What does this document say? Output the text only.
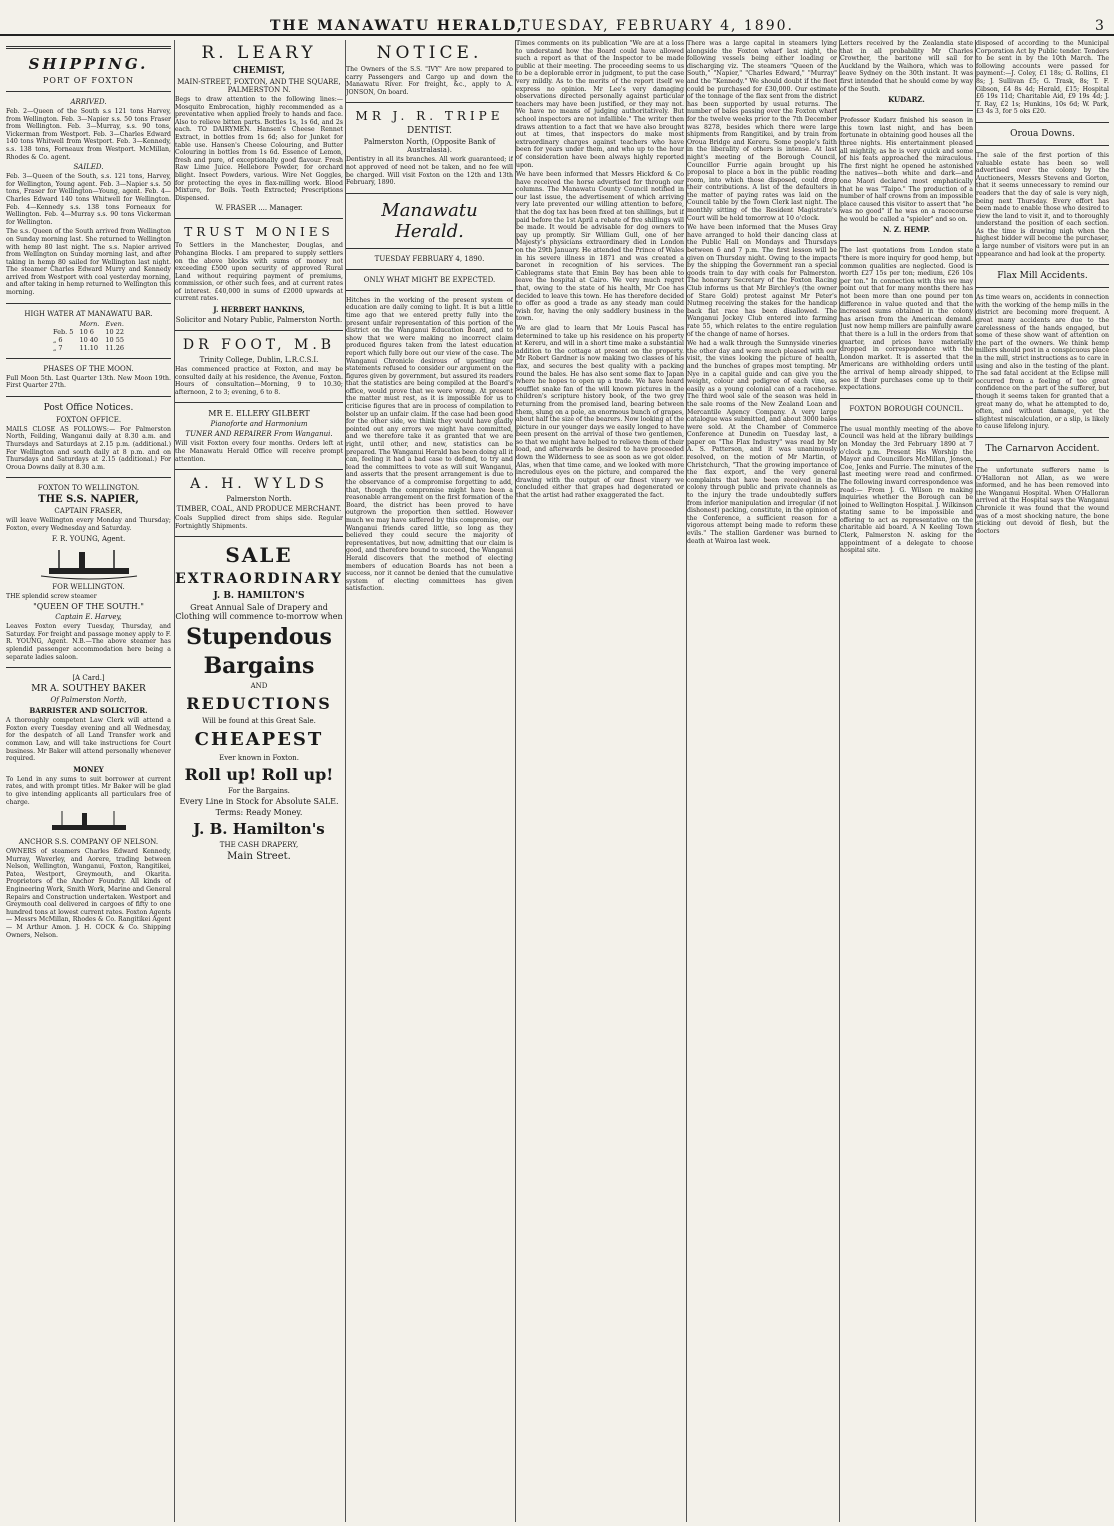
THE MANAWATU HERALD,
TUESDAY, FEBRUARY 4, 1890.	3
SHIPPING.
PORT OF FOXTON
ARRIVED.

Feb. 2—Queen of the South s.s 121 tons Harvey, from Wellington. Feb. 3—Napier s.s. 50 tons Fraser from Wellington. Feb. 3—Murray, s.s. 90 tons, Vickerman from Westport. Feb. 3—Charles Edward 140 tons Whitwell from Westport. Feb. 3—Kennedy, s.s. 138 tons, Forneaux from Westport. McMillan, Rhodes & Co. agent.

SAILED.

Feb. 3—Queen of the South, s.s. 121 tons, Harvey, for Wellington, Young agent. Feb. 3—Napier s.s. 50 tons, Fraser for Wellington—Young, agent. Feb. 4—Charles Edward 140 tons Whitwell for Wellington. Feb. 4—Kennedy s.s. 138 tons Forneaux for Wellington. Feb. 4—Murray s.s. 90 tons Vickerman for Wellington.

The s.s. Queen of the South arrived from Wellington on Sunday morning last. She returned to Wellington with hemp 80 last night. The s.s. Napier arrived from Wellington on Sunday morning last, and after taking in hemp 80 sailed for Wellington last night. The steamer Charles Edward Murry and Kennedy arrived from Westport with coal yesterday morning, and after taking in hemp returned to Wellington this morning.

HIGH WATER AT MANAWATU BAR.
	Morn.	Even.
Feb. 5	10 6	10 22
„ 6	10 40	10 55
„ 7	11.10	11.26
PHASES OF THE MOON.

Full Moon 5th. Last Quarter 13th. New Moon 19th. First Quarter 27th.

Post Office Notices.
FOXTON OFFICE.

MAILS CLOSE AS FOLLOWS:— For Palmerston North, Feilding, Wanganui daily at 8.30 a.m. and Thursdays and Saturdays at 2.15 p.m. (additional.) For Wellington and south daily at 8 p.m. and on Thursdays and Saturdays at 2.15 (additional.) For Oroua Downs daily at 8.30 a.m.

FOXTON TO WELLINGTON.
THE S.S. NAPIER,
CAPTAIN FRASER,

will leave Wellington every Monday and Thursday; Foxton, every Wednesday and Saturday.

F. R. YOUNG, Agent.
FOR WELLINGTON.

THE splendid screw steamer

"QUEEN OF THE SOUTH."
Captain E. Harvey,

Leaves Foxton every Tuesday, Thursday, and Saturday. For freight and passage money apply to F. R. YOUNG, Agent. N.B.—The above steamer has splendid passenger accommodation here being a separate ladies saloon.

[A Card.]
MR A. SOUTHEY BAKER
Of Palmerston North,
BARRISTER AND SOLICITOR.

A thoroughly competent Law Clerk will attend a Foxton every Tuesday evening and all Wednesday, for the despatch of all Land Transfer work and common Law, and will take instructions for Court business. Mr Baker will attend personally whenever required.

MONEY

To Lend in any sums to suit borrower at current rates, and with prompt titles. Mr Baker will be glad to give intending applicants all particulars free of charge.

ANCHOR S.S. COMPANY OF NELSON.

OWNERS of steamers Charles Edward Kennedy, Murray, Waverley, and Aorere, trading between Nelson, Wellington, Wanganui, Foxton, Rangitikei, Patea, Westport, Greymouth, and Okarita. Proprietors of the Anchor Foundry. All kinds of Engineering Work, Smith Work, Marine and General Repairs and Construction undertaken. Westport and Greymouth coal delivered in cargoes of fifty to one hundred tons at lowest current rates. Foxton Agents— Messrs McMillan, Rhodes & Co. Rangitikei Agent— M Arthur Amon. J. H. COCK & Co. Shipping Owners, Nelson.

R. LEARY
CHEMIST,
MAIN-STREET, FOXTON, AND THE SQUARE, PALMERSTON N.

Begs to draw attention to the following lines:— Mosquito Embrocation, highly recommended as a preventative when applied freely to hands and face. Also to relieve bitten parts. Bottles 1s, 1s 6d, and 2s each. TO DAIRYMEN. Hansen's Cheese Rennet Extract, in bottles from 1s 6d; also for Junket for table use. Hansen's Cheese Colouring, and Butter Colouring in bottles from 1s 6d. Essence of Lemon, fresh and pure, of exceptionally good flavour. Fresh Raw Lime Juice. Hellebore Powder, for orchard blight. Insect Powders, various. Wire Net Goggles, for protecting the eyes in flax-milling work. Blood Mixture, for Boils. Teeth Extracted; Prescriptions Dispensed.

W. FRASER .... Manager.
TRUST MONIES

To Settlers in the Manchester, Douglas, and Pohangina Blocks. I am prepared to supply settlers on the above blocks with sums of money not exceeding £500 upon security of approved Rural Land without requiring payment of premiums, commission, or other such fees, and at current rates of interest. £40,000 in sums of £2000 upwards at current rates.

J. HERBERT HANKINS,
Solicitor and Notary Public, Palmerston North.
DR FOOT, M.B
Trinity College, Dublin, L.R.C.S.I.

Has commenced practice at Foxton, and may be consulted daily at his residence, the Avenue, Foxton. Hours of consultation—Morning, 9 to 10.30; afternoon, 2 to 3; evening, 6 to 8.

MR E. ELLERY GILBERT
Pianoforte and Harmonium
TUNER AND REPAIRER From Wanganui.

Will visit Foxton every four months. Orders left at the Manawatu Herald Office will receive prompt attention.

A. H. WYLDS
Palmerston North.
TIMBER, COAL, AND PRODUCE MERCHANT.

Coals Supplied direct from ships side. Regular Fortnightly Shipments.

SALE
EXTRAORDINARY
J. B. HAMILTON'S
Great Annual Sale of Drapery and Clothing will commence to-morrow when
Stupendous
Bargains
AND
REDUCTIONS
Will be found at this Great Sale.
CHEAPEST
Ever known in Foxton.
Roll up! Roll up!
For the Bargains.
Every Line in Stock for Absolute SALE.
Terms: Ready Money.
J. B. Hamilton's
THE CASH DRAPERY,
Main Street.
NOTICE.

The Owners of the S.S. "IVY" Are now prepared to carry Passengers and Cargo up and down the Manawatu River. For freight, &c., apply to A. JONSON, On board.

MR J. R. TRIPE
DENTIST.
Palmerston North, (Opposite Bank of Australasia).

Dentistry in all its branches. All work guaranteed; if not approved of need not be taken, and no fee will be charged. Will visit Foxton on the 12th and 13th February, 1890.

Manawatu Herald.
TUESDAY FEBRUARY 4, 1890.
ONLY WHAT MIGHT BE EXPECTED.

Hitches in the working of the present system of education are daily coming to light. It is but a little time ago that we entered pretty fully into the present unfair representation of this portion of the district on the Wanganui Education Board, and to show that we were making no incorrect claim produced figures taken from the latest education report which fully bore out our view of the case. The Wanganui Chronicle desirous of upsetting our statements refused to consider our argument on the figures given by government, but assured its readers that the statistics are being compiled at the Board's office, would prove that we were wrong. At present the matter must rest, as it is impossible for us to criticise figures that are in process of compilation to bolster up an unfair claim. If the case had been good for the other side, we think they would have gladly pointed out any errors we might have committed, and we therefore take it as granted that we are right, until other, and new, statistics can be prepared. The Wanganui Herald has been doing all it can, feeling it had a bad case to defend, to try and lead the committees to vote as will suit Wanganui, and asserts that the present arrangement is due to the observance of a compromise forgetting to add, that, though the compromise might have been a reasonable arrangement on the first formation of the Board, the district has been proved to have outgrown the proportion then settled. However much we may have suffered by this compromise, our Wanganui friends cared little, so long as they believed they could secure the majority of representatives, but now, admitting that our claim is good, and therefore bound to succeed, the Wanganui Herald discovers that the method of electing members of education Boards has not been a success, nor it cannot be denied that the cumulative system of electing committees has given satisfaction.

Times comments on its publication "We are at a loss to understand how the Board could have allowed such a report as that of the Inspector to be made public at their meeting. The proceeding seems to us to be a deplorable error in judgment, to put the case very mildly. As to the merits of the report itself we express no opinion. Mr Lee's very damaging observations directed personally against particular teachers may have been justified, or they may not. We have no means of judging authoritatively. But school inspectors are not infallible." The writer then draws attention to a fact that we have also brought out at times, that inspectors do make most extraordinary charges against teachers who have been for years under them, and who up to the hour of consideration have been always highly reported upon.

We have been informed that Messrs Hickford & Co have received the horse advertised for through our columns. The Manawatu County Council notified in our last issue, the advertisement of which arriving very late prevented our willing attention to before, that the dog tax has been fixed at ten shillings, but if paid before the 1st April a rebate of five shillings will be made. It would be advisable for dog owners to pay up promptly. Sir William Gull, one of her Majesty's physicians extraordinary died in London on the 29th January. He attended the Prince of Wales in his severe illness in 1871 and was created a baronet in recognition of his services. The Cablegrams state that Emin Bey has been able to leave the hospital at Cairo. We very much regret that, owing to the state of his health, Mr Coe has decided to leave this town. He has therefore decided to offer as good a trade as any steady man could wish for, having the only saddlery business in the town.

We are glad to learn that Mr Louis Pascal has determined to take up his residence on his property at Kereru, and will in a short time make a substantial addition to the cottage at present on the property. Mr Robert Gardner is now making two classes of his flax, and secures the best quality with a packing round the bales. He has also sent some flax to Japan where he hopes to open up a trade. We have heard soufflet snake fan of the will known pictures in the children's scripture history book, of the two grey returning from the promised land, bearing between them, slung on a pole, an enormous bunch of grapes, about half the size of the bearers. Now looking at the picture in our younger days we easily longed to have been present on the arrival of those two gentlemen, so that we might have helped to relieve them of their load, and afterwards be desired to have proceeded down the Wilderness to see as soon as we got older. Alas, when that time came, and we looked with more incredulous eyes on the picture, and compared the drawing with the output of our finest vinery we concluded either that grapes had degenerated or that the artist had rather exaggerated the fact.

There was a large capital in steamers lying alongside the Foxton wharf last night, the following vessels being either loading or discharging viz. The steamers "Queen of the South," "Napier," "Charles Edward," "Murray" and the "Kennedy." We should doubt if the fleet could be purchased for £30,000. Our estimate of the tonnage of the flax sent from the district has been supported by usual returns. The number of bales passing over the Foxton wharf for the twelve weeks prior to the 7th December was 8278, besides which there were large shipments from Rangitikei, and by train from Oroua Bridge and Kereru. Some people's faith in the liberality of others is intense. At last night's meeting of the Borough Council, Councillor Furrie again brought up his proposal to place a box in the public reading room, into which those disposed, could drop their contributions. A list of the defaulters in the matter of paying rates was laid on the Council table by the Town Clerk last night. The monthly sitting of the Resident Magistrate's Court will be held tomorrow at 10 o'clock.

We have been informed that the Muses Gray have arranged to hold their dancing class at the Public Hall on Mondays and Thursdays between 6 and 7 p.m. The first lesson will be given on Thursday night. Owing to the impacts by the shipping the Government ran a special goods train to day with coals for Palmerston. The honorary Secretary of the Foxton Racing Club informs us that Mr Birchley's (the owner of Stare Gold) protest against Mr Peter's Nutmeg receiving the stakes for the handicap back flat race has been disallowed. The Wanganui Jockey Club entered into farming rate 55, which relates to the entire regulation of the change of name of horses.

We had a walk through the Sunnyside vineries the other day and were much pleased with our visit, the vines looking the picture of health, and the bunches of grapes most tempting. Mr Nye in a capital guide and can give you the weight, colour and pedigree of each vine, as easily as a young colonial can of a racehorse. The third wool sale of the season was held in the sale rooms of the New Zealand Loan and Mercantile Agency Company. A very large catalogue was submitted, and about 3000 bales were sold. At the Chamber of Commerce Conference at Dunedin on Tuesday last, a paper on "The Flax Industry" was read by Mr A. S. Patterson, and it was unanimously resolved, on the motion of Mr Martin, of Christchurch, "That the growing importance of the flax export, and the very general complaints that have been received in the colony through public and private channels as to the injury the trade undoubtedly suffers from inferior manipulation and irregular (if not dishonest) packing, constitute, in the opinion of the Conference, a sufficient reason for a vigorous attempt being made to reform these evils." The stallion Gardener was burned to death at Wairoa last week.

Letters received by the Zealandia state that in all probability Mr Charles Crowther, the baritone will sail for Auckland by the Waihora, which was to leave Sydney on the 30th instant. It was first intended that he should come by way of the South.

KUDARZ.

Professor Kudarz finished his season in this town last night, and has been fortunate in obtaining good houses all the three nights. His entertainment pleased all mightily, as he is very quick and some of his feats approached the miraculous. The first night he opened he astonished the natives—both white and dark—and one Maori declared most emphatically that he was "Taipo." The production of a number of half crowns from an impossible place caused this visitor to assert that "he was no good" if he was on a racecourse he would be called a "spieler" and so on.

N. Z. HEMP.

The last quotations from London state "there is more inquiry for good hemp, but common qualities are neglected. Good is worth £27 15s per ton; medium, £26 10s per ton." In connection with this we may point out that for many months there has not been more than one pound per ton difference in value quoted and that the increased sums obtained in the colony has arisen from the American demand. Just now hemp millers are painfully aware that there is a lull in the orders from that quarter, and prices have materially dropped in correspondence with the London market. It is asserted that the Americans are withholding orders until the arrival of hemp already shipped, to see if their purchases come up to their expectations.

FOXTON BOROUGH COUNCIL.

The usual monthly meeting of the above Council was held at the library buildings on Monday the 3rd February 1890 at 7 o'clock p.m. Present His Worship the Mayor and Councillors McMillan, Jonson, Coe, Jenks and Furrie. The minutes of the last meeting were read and confirmed. The following inward correspondence was read:— From J. G. Wilson re making inquiries whether the Borough can be joined to Wellington Hospital. J. Wilkinson stating same to be impossible and offering to act as representative on the charitable aid board. A N Keeling Town Clerk, Palmerston N. asking for the appointment of a delegate to choose hospital site.

disposed of according to the Municipal Corporation Act by Public tender. Tenders to be sent in by the 10th March. The following accounts were passed for payment:—J. Coley, £1 18s; G. Rollins, £1 8s; J. Sullivan £5; G. Trask, 8s; T. F. Gibson, £4 8s 4d; Herald, £15; Hospital £6 19s 11d; Charitable Aid, £9 19s 4d; J. T. Ray, £2 1s; Hunkins, 10s 6d; W. Park, £3 4s 3, for 5 oks £20.

Oroua Downs.

The sale of the first portion of this valuable estate has been so well advertised over the colony by the Auctioneers, Messrs Stevens and Gorton, that it seems unnecessary to remind our readers that the day of sale is very nigh, being next Thursday. Every effort has been made to enable those who desired to view the land to visit it, and to thoroughly understand the position of each section. As the time is drawing nigh when the highest bidder will become the purchaser, a large number of visitors were put in an appearance and had look at the property.

Flax Mill Accidents.

As time wears on, accidents in connection with the working of the hemp mills in the district are becoming more frequent. A great many accidents are due to the carelessness of the hands engaged, but some of these show want of attention on the part of the owners. We think hemp millers should post in a conspicuous place in the mill, strict instructions as to care in using and also in the testing of the plant. The sad fatal accident at the Eclipse mill occurred from a feeling of too great confidence on the part of the sufferer, but though it seems taken for granted that a great many do, what he attempted to do, often, and without damage, yet the slightest miscalculation, or a slip, is likely to cause lifelong injury.

The Carnarvon Accident.

The unfortunate sufferers name is O'Halloran not Allan, as we were informed, and he has been removed into the Wanganui Hospital. When O'Halloran arrived at the Hospital says the Wanganui Chronicle it was found that the wound was of a most shocking nature, the bone sticking out devoid of flesh, but the doctors
